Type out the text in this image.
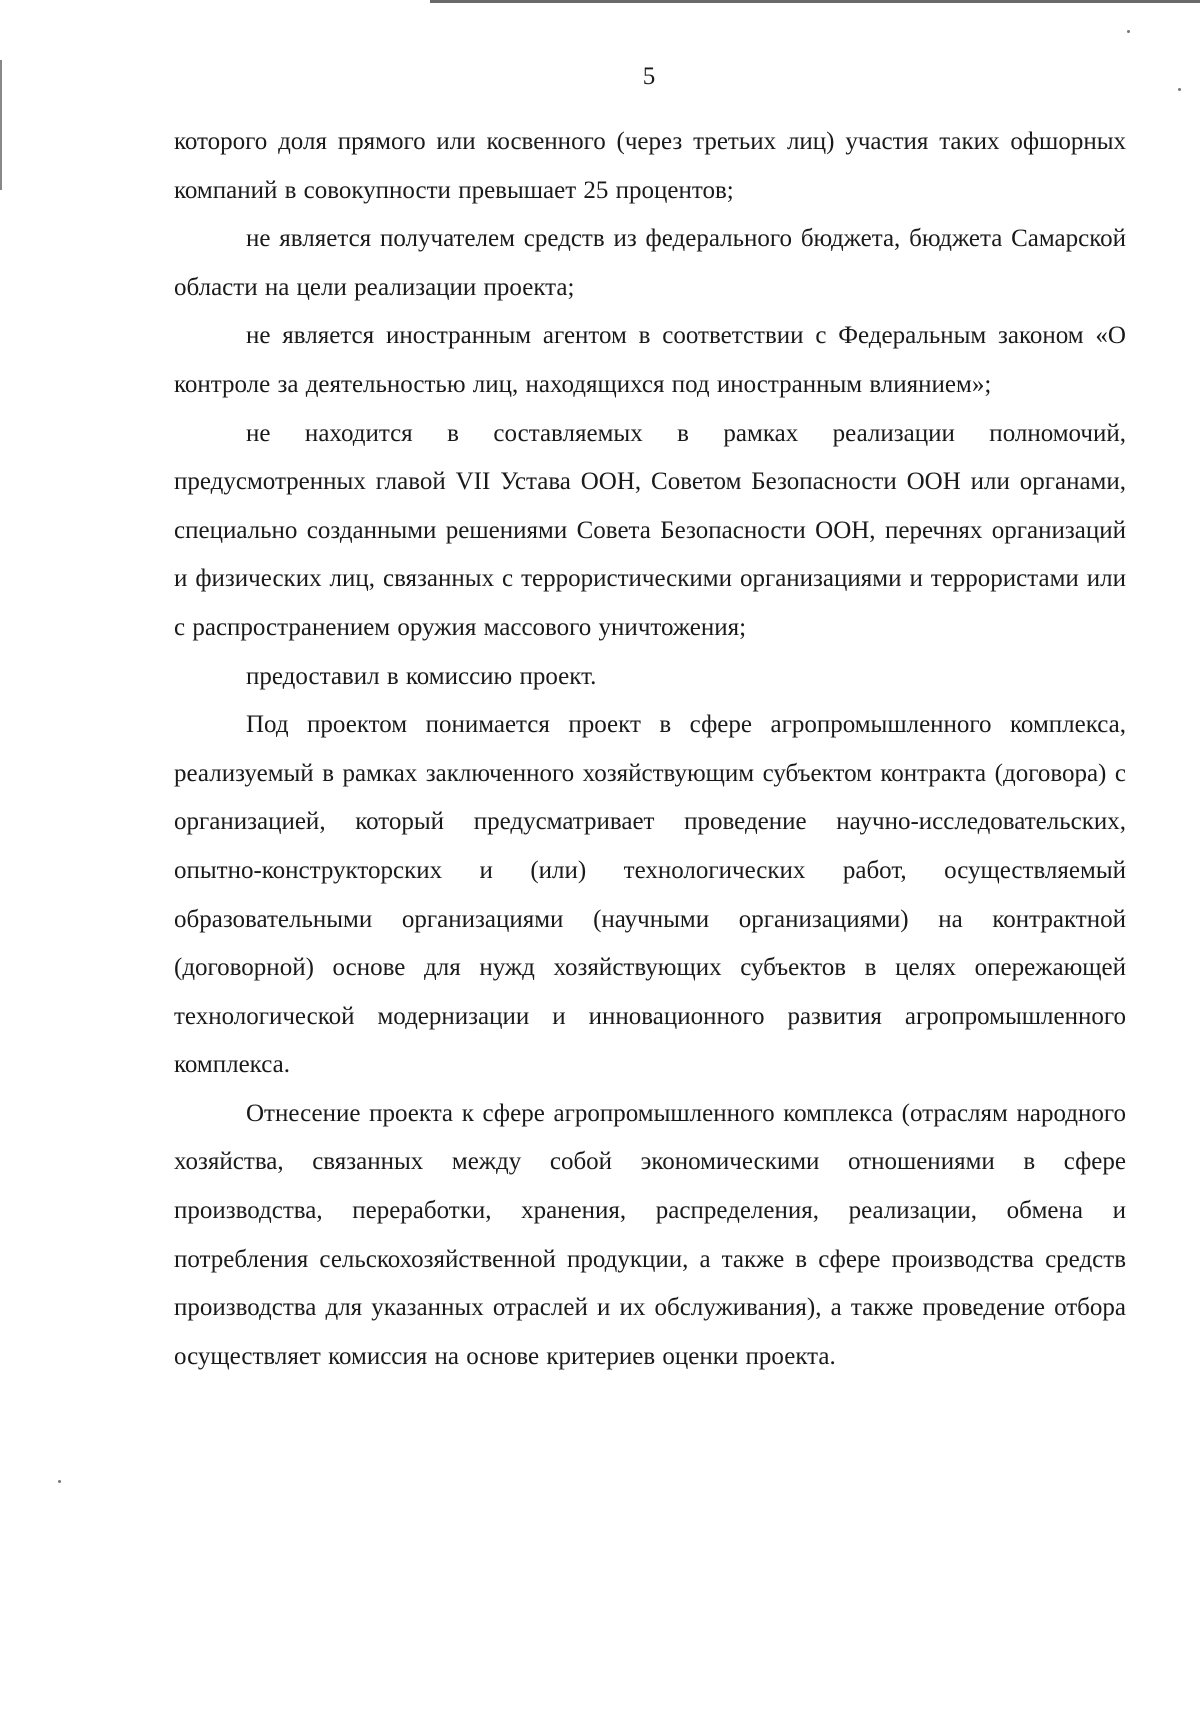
5

которого доля прямого или косвенного (через третьих лиц) участия таких офшорных компаний в совокупности превышает 25 процентов;

не является получателем средств из федерального бюджета, бюджета Самарской области на цели реализации проекта;

не является иностранным агентом в соответствии с Федеральным законом «О контроле за деятельностью лиц, находящихся под иностранным влиянием»;

не находится в составляемых в рамках реализации полномочий, предусмотренных главой VII Устава ООН, Советом Безопасности ООН или органами, специально созданными решениями Совета Безопасности ООН, перечнях организаций и физических лиц, связанных с террористическими организациями и террористами или с распространением оружия массового уничтожения;

предоставил в комиссию проект.

Под проектом понимается проект в сфере агропромышленного комплекса, реализуемый в рамках заключенного хозяйствующим субъектом контракта (договора) с организацией, который предусматривает проведение научно-исследовательских, опытно-конструкторских и (или) технологических работ, осуществляемый образовательными организациями (научными организациями) на контрактной (договорной) основе для нужд хозяйствующих субъектов в целях опережающей технологической модернизации и инновационного развития агропромышленного комплекса.

Отнесение проекта к сфере агропромышленного комплекса (отраслям народного хозяйства, связанных между собой экономическими отношениями в сфере производства, переработки, хранения, распределения, реализации, обмена и потребления сельскохозяйственной продукции, а также в сфере производства средств производства для указанных отраслей и их обслуживания), а также проведение отбора осуществляет комиссия на основе критериев оценки проекта.
